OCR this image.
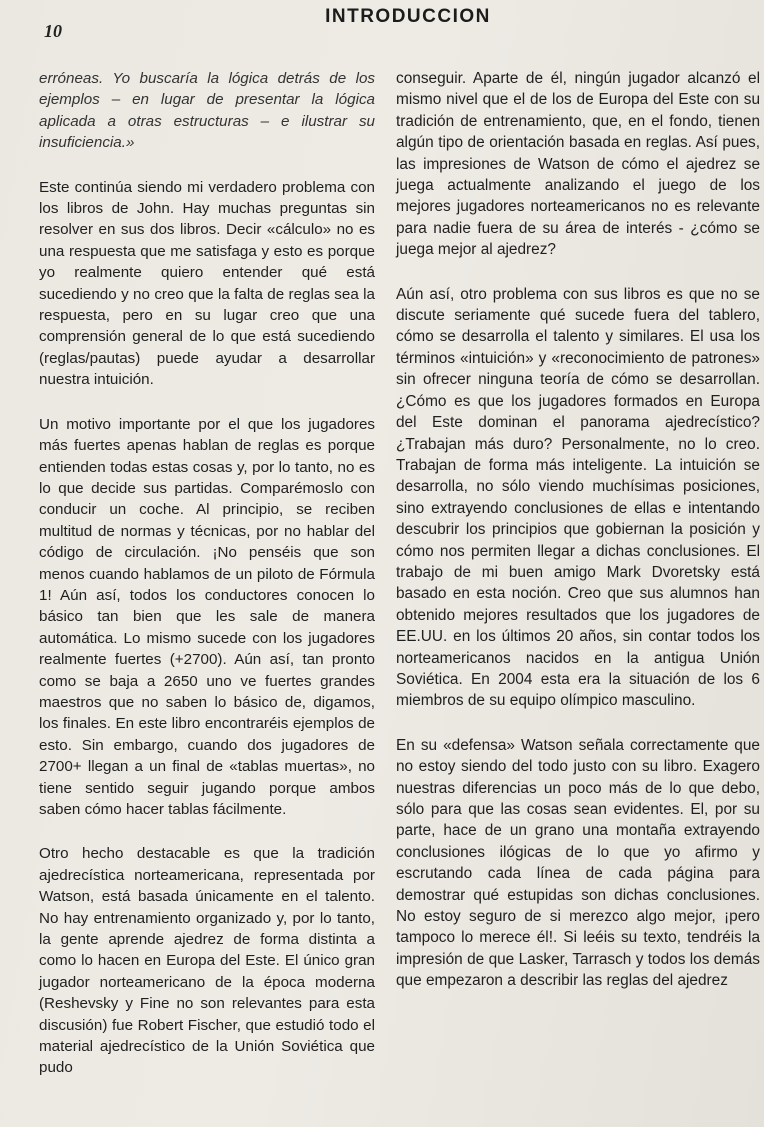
10
INTRODUCCION

erróneas. Yo buscaría la lógica detrás de los ejemplos – en lugar de presentar la lógica aplicada a otras estructuras – e ilustrar su insuficiencia.»

Este continúa siendo mi verdadero problema con los libros de John. Hay muchas preguntas sin resolver en sus dos libros. Decir «cálculo» no es una respuesta que me satisfaga y esto es porque yo realmente quiero entender qué está sucediendo y no creo que la falta de reglas sea la respuesta, pero en su lugar creo que una comprensión general de lo que está sucediendo (reglas/pautas) puede ayudar a desarrollar nuestra intuición.

Un motivo importante por el que los jugadores más fuertes apenas hablan de reglas es porque entienden todas estas cosas y, por lo tanto, no es lo que decide sus partidas. Comparémoslo con conducir un coche. Al principio, se reciben multitud de normas y técnicas, por no hablar del código de circulación. ¡No penséis que son menos cuando hablamos de un piloto de Fórmula 1! Aún así, todos los conductores conocen lo básico tan bien que les sale de manera automática. Lo mismo sucede con los jugadores realmente fuertes (+2700). Aún así, tan pronto como se baja a 2650 uno ve fuertes grandes maestros que no saben lo básico de, digamos, los finales. En este libro encontraréis ejemplos de esto. Sin embargo, cuando dos jugadores de 2700+ llegan a un final de «tablas muertas», no tiene sentido seguir jugando porque ambos saben cómo hacer tablas fácilmente.

Otro hecho destacable es que la tradición ajedrecística norteamericana, representada por Watson, está basada únicamente en el talento. No hay entrenamiento organizado y, por lo tanto, la gente aprende ajedrez de forma distinta a como lo hacen en Europa del Este. El único gran jugador norteamericano de la época moderna (Reshevsky y Fine no son relevantes para esta discusión) fue Robert Fischer, que estudió todo el material ajedrecístico de la Unión Soviética que pudo

conseguir. Aparte de él, ningún jugador alcanzó el mismo nivel que el de los de Europa del Este con su tradición de entrenamiento, que, en el fondo, tienen algún tipo de orientación basada en reglas. Así pues, las impresiones de Watson de cómo el ajedrez se juega actualmente analizando el juego de los mejores jugadores norteamericanos no es relevante para nadie fuera de su área de interés - ¿cómo se juega mejor al ajedrez?

Aún así, otro problema con sus libros es que no se discute seriamente qué sucede fuera del tablero, cómo se desarrolla el talento y similares. El usa los términos «intuición» y «reconocimiento de patrones» sin ofrecer ninguna teoría de cómo se desarrollan. ¿Cómo es que los jugadores formados en Europa del Este dominan el panorama ajedrecístico? ¿Trabajan más duro? Personalmente, no lo creo. Trabajan de forma más inteligente. La intuición se desarrolla, no sólo viendo muchísimas posiciones, sino extrayendo conclusiones de ellas e intentando descubrir los principios que gobiernan la posición y cómo nos permiten llegar a dichas conclusiones. El trabajo de mi buen amigo Mark Dvoretsky está basado en esta noción. Creo que sus alumnos han obtenido mejores resultados que los jugadores de EE.UU. en los últimos 20 años, sin contar todos los norteamericanos nacidos en la antigua Unión Soviética. En 2004 esta era la situación de los 6 miembros de su equipo olímpico masculino.

En su «defensa» Watson señala correctamente que no estoy siendo del todo justo con su libro. Exagero nuestras diferencias un poco más de lo que debo, sólo para que las cosas sean evidentes. El, por su parte, hace de un grano una montaña extrayendo conclusiones ilógicas de lo que yo afirmo y escrutando cada línea de cada página para demostrar qué estupidas son dichas conclusiones. No estoy seguro de si merezco algo mejor, ¡pero tampoco lo merece él!. Si leéis su texto, tendréis la impresión de que Lasker, Tarrasch y todos los demás que empezaron a describir las reglas del ajedrez
